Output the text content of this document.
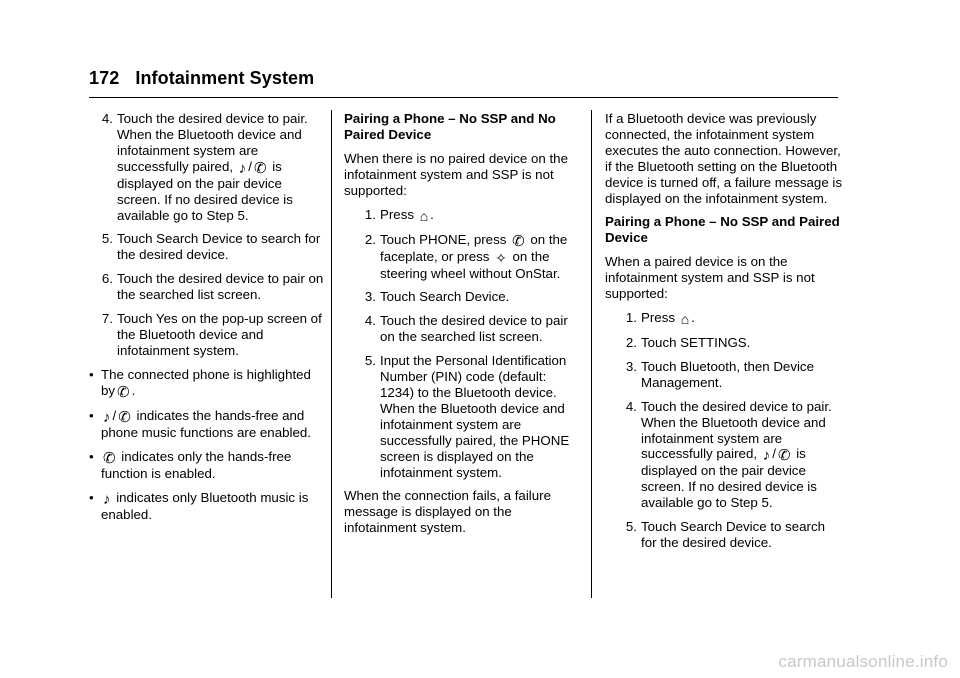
172 Infotainment System
4. Touch the desired device to pair. When the Bluetooth device and infotainment system are successfully paired, ♪ / ✆ is displayed on the pair device screen. If no desired device is available go to Step 5.
5. Touch Search Device to search for the desired device.
6. Touch the desired device to pair on the searched list screen.
7. Touch Yes on the pop-up screen of the Bluetooth device and infotainment system.
• The connected phone is highlighted by ✆ .
• ♪ / ✆ indicates the hands-free and phone music functions are enabled.
• ✆ indicates only the hands-free function is enabled.
• ♪ indicates only Bluetooth music is enabled.
Pairing a Phone – No SSP and No Paired Device
When there is no paired device on the infotainment system and SSP is not supported:
1. Press ⌂ .
2. Touch PHONE, press ✆ on the faceplate, or press ✧ on the steering wheel without OnStar.
3. Touch Search Device.
4. Touch the desired device to pair on the searched list screen.
5. Input the Personal Identification Number (PIN) code (default: 1234) to the Bluetooth device. When the Bluetooth device and infotainment system are successfully paired, the PHONE screen is displayed on the infotainment system.
When the connection fails, a failure message is displayed on the infotainment system.
If a Bluetooth device was previously connected, the infotainment system executes the auto connection. However, if the Bluetooth setting on the Bluetooth device is turned off, a failure message is displayed on the infotainment system.
Pairing a Phone – No SSP and Paired Device
When a paired device is on the infotainment system and SSP is not supported:
1. Press ⌂ .
2. Touch SETTINGS.
3. Touch Bluetooth, then Device Management.
4. Touch the desired device to pair. When the Bluetooth device and infotainment system are successfully paired, ♪ / ✆ is displayed on the pair device screen. If no desired device is available go to Step 5.
5. Touch Search Device to search for the desired device.
carmanualsonline.info
